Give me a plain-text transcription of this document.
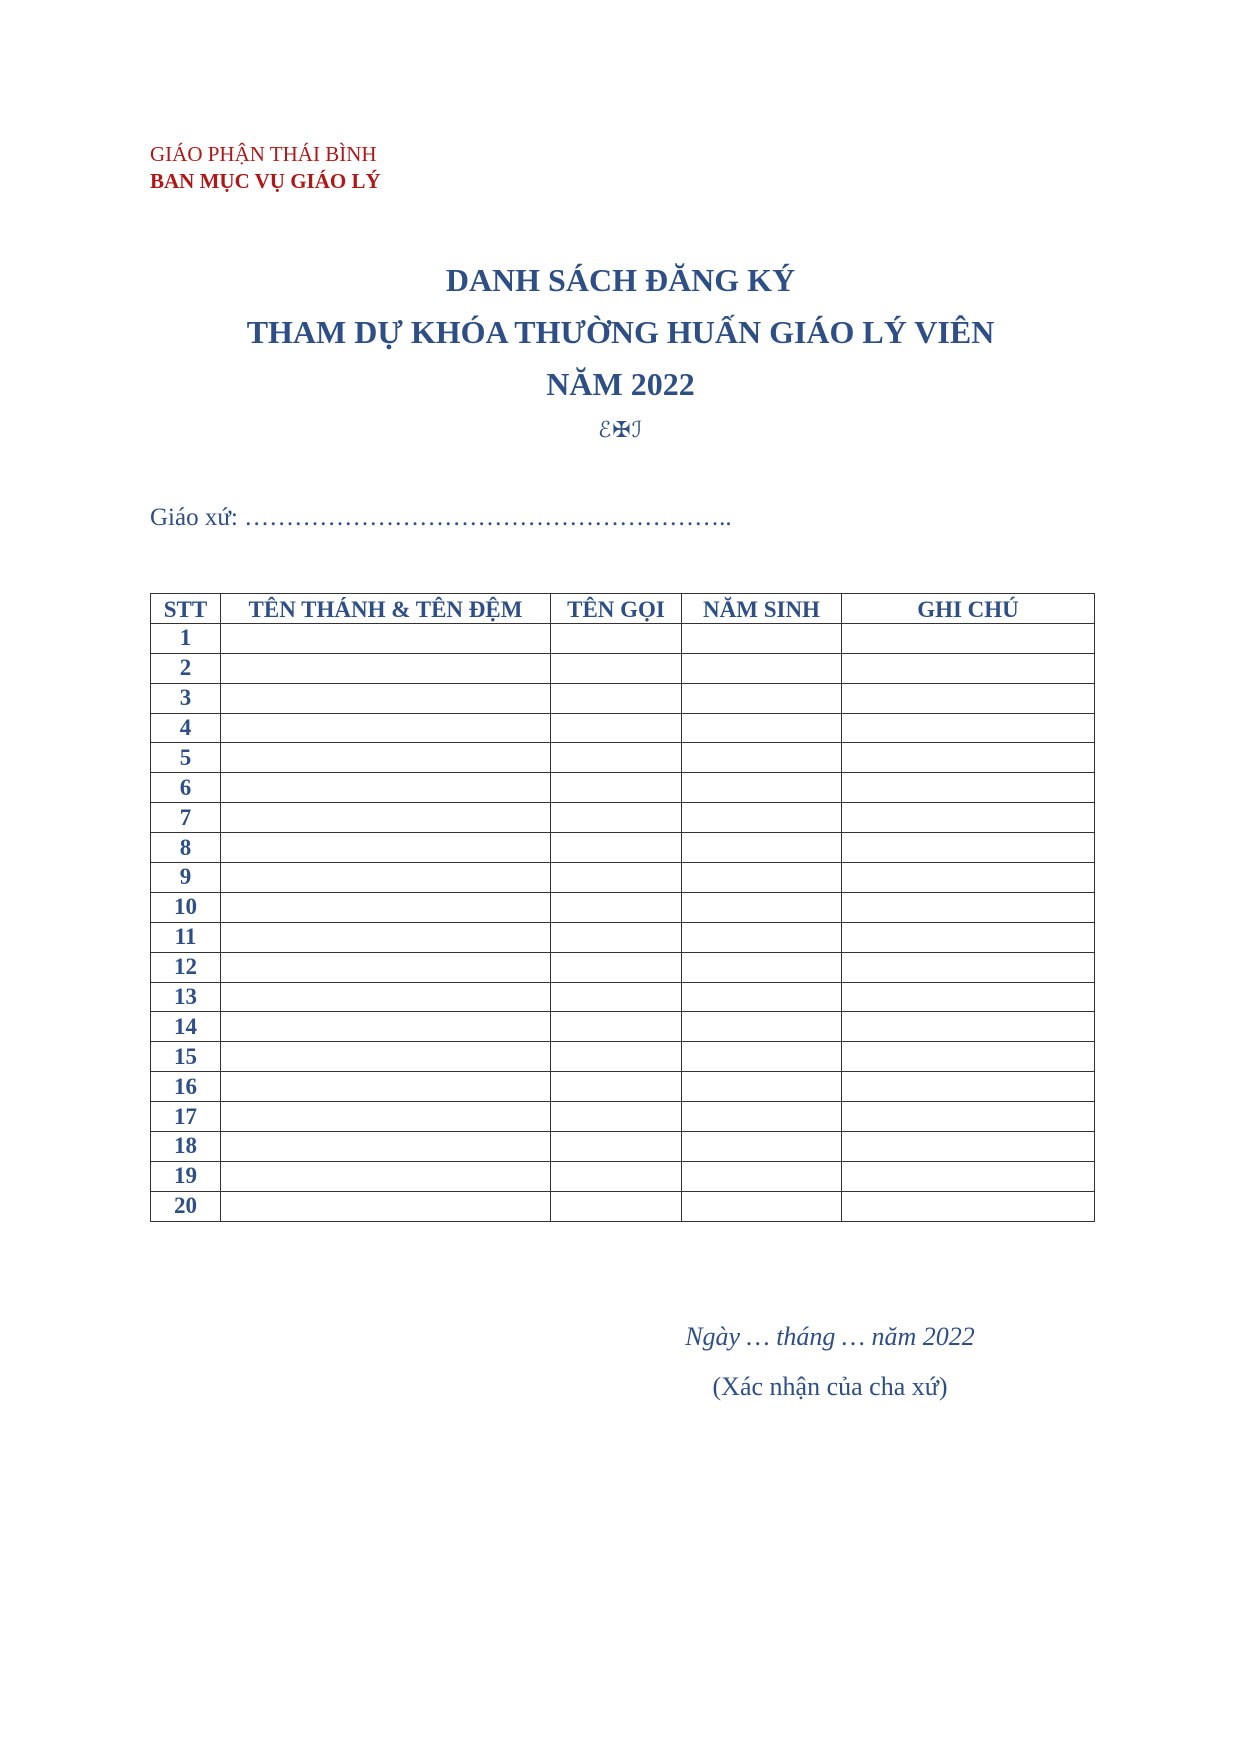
GIÁO PHẬN THÁI BÌNH
BAN MỤC VỤ GIÁO LÝ
DANH SÁCH ĐĂNG KÝ
THAM DỰ KHÓA THƯỜNG HUẤN GIÁO LÝ VIÊN
NĂM 2022
ℰ✠ℐ
Giáo xứ: …………………………………………………..
STT	TÊN THÁNH & TÊN ĐỆM	TÊN GỌI	NĂM SINH	GHI CHÚ
1				
2				
3				
4				
5				
6				
7				
8				
9				
10				
11				
12				
13				
14				
15				
16				
17				
18				
19				
20				
Ngày … tháng … năm 2022
(Xác nhận của cha xứ)
